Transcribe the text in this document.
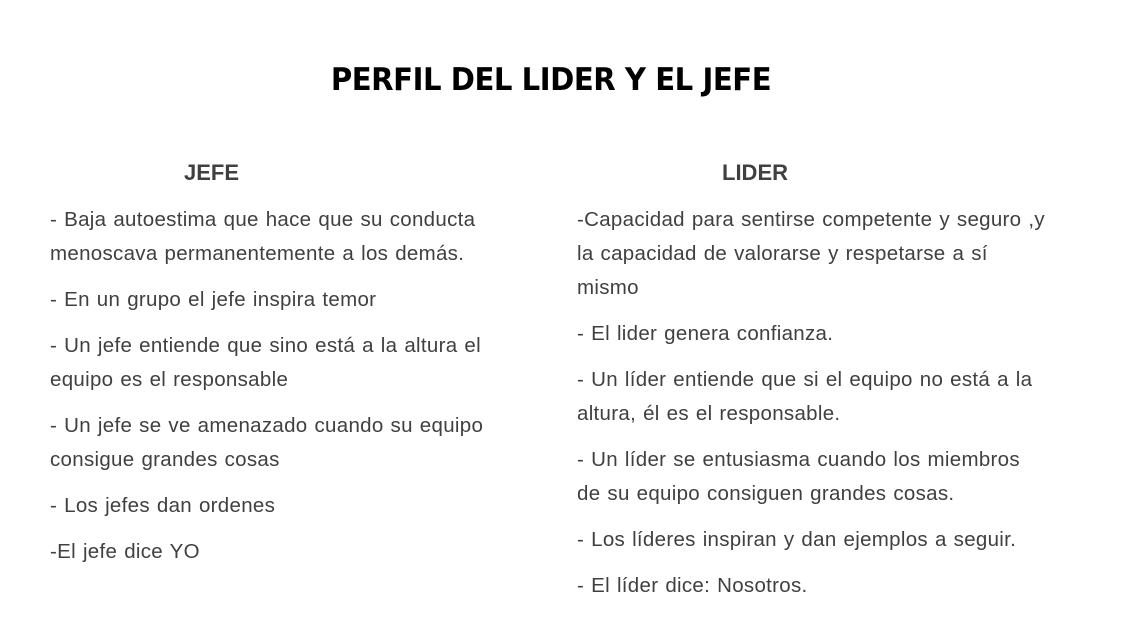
PERFIL DEL LIDER Y EL JEFE
JEFE
- Baja autoestima que hace que su conducta menoscava permanentemente a los demás.
- En un grupo el jefe inspira temor
- Un jefe entiende que sino está a la altura el equipo es el responsable
- Un jefe se ve amenazado cuando su equipo consigue grandes cosas
- Los jefes dan ordenes
-El jefe dice YO
LIDER
-Capacidad para sentirse competente y seguro ,y la capacidad de valorarse y respetarse a sí mismo
- El lider genera confianza.
- Un líder entiende que si el equipo no está a la altura, él es el responsable.
- Un líder se entusiasma cuando los miembros de su equipo consiguen grandes cosas.
- Los líderes inspiran y dan ejemplos a seguir.
- El líder dice: Nosotros.
